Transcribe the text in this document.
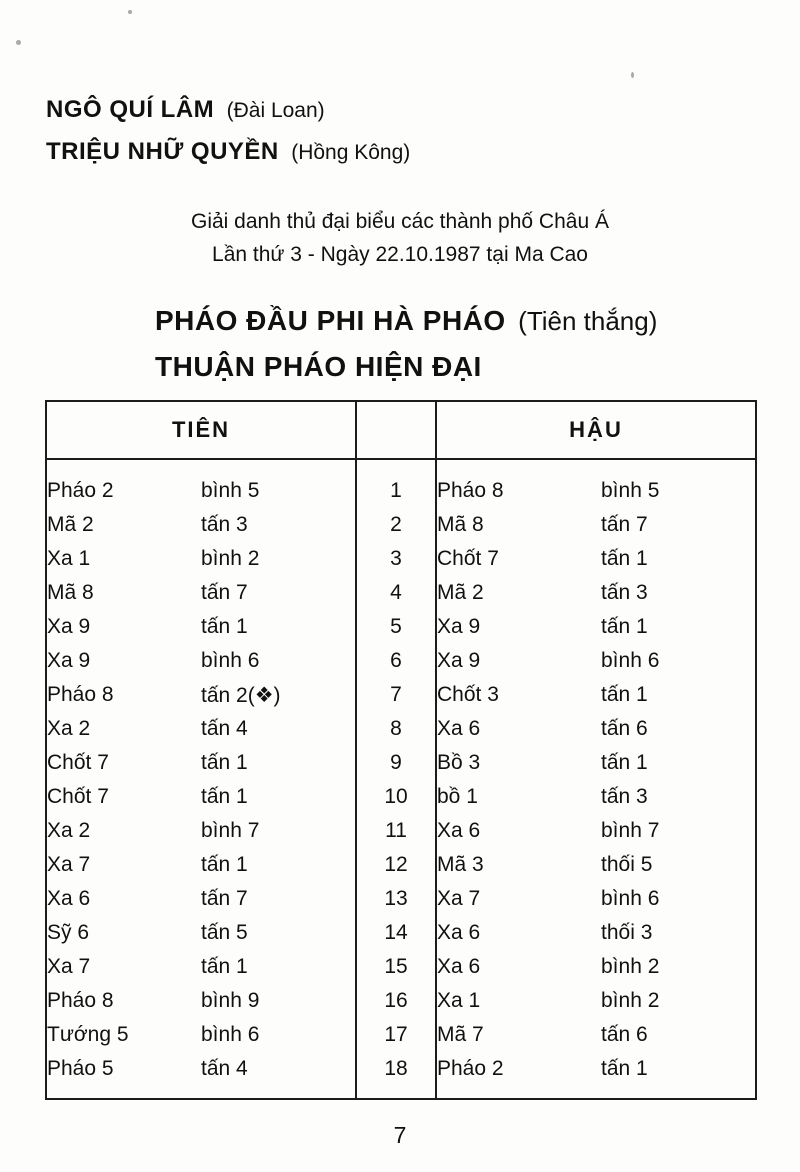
NGÔ QUÍ LÂM (Đài Loan)
TRIỆU NHỮ QUYỀN (Hồng Kông)
Giải danh thủ đại biểu các thành phố Châu Á
Lần thứ 3 - Ngày 22.10.1987 tại Ma Cao
PHÁO ĐẦU PHI HÀ PHÁO (Tiên thắng)
THUẬN PHÁO HIỆN ĐẠI
TIÊN			HẬU	
Pháo 2	bình 5	1	Pháo 8	bình 5
Mã 2	tấn 3	2	Mã 8	tấn 7
Xa 1	bình 2	3	Chốt 7	tấn 1
Mã 8	tấn 7	4	Mã 2	tấn 3
Xa 9	tấn 1	5	Xa 9	tấn 1
Xa 9	bình 6	6	Xa 9	bình 6
Pháo 8	tấn 2(❖)	7	Chốt 3	tấn 1
Xa 2	tấn 4	8	Xa 6	tấn 6
Chốt 7	tấn 1	9	Bồ 3	tấn 1
Chốt 7	tấn 1	10	bồ 1	tấn 3
Xa 2	bình 7	11	Xa 6	bình 7
Xa 7	tấn 1	12	Mã 3	thối 5
Xa 6	tấn 7	13	Xa 7	bình 6
Sỹ 6	tấn 5	14	Xa 6	thối 3
Xa 7	tấn 1	15	Xa 6	bình 2
Pháo 8	bình 9	16	Xa 1	bình 2
Tướng 5	bình 6	17	Mã 7	tấn 6
Pháo 5	tấn 4	18	Pháo 2	tấn 1
7
